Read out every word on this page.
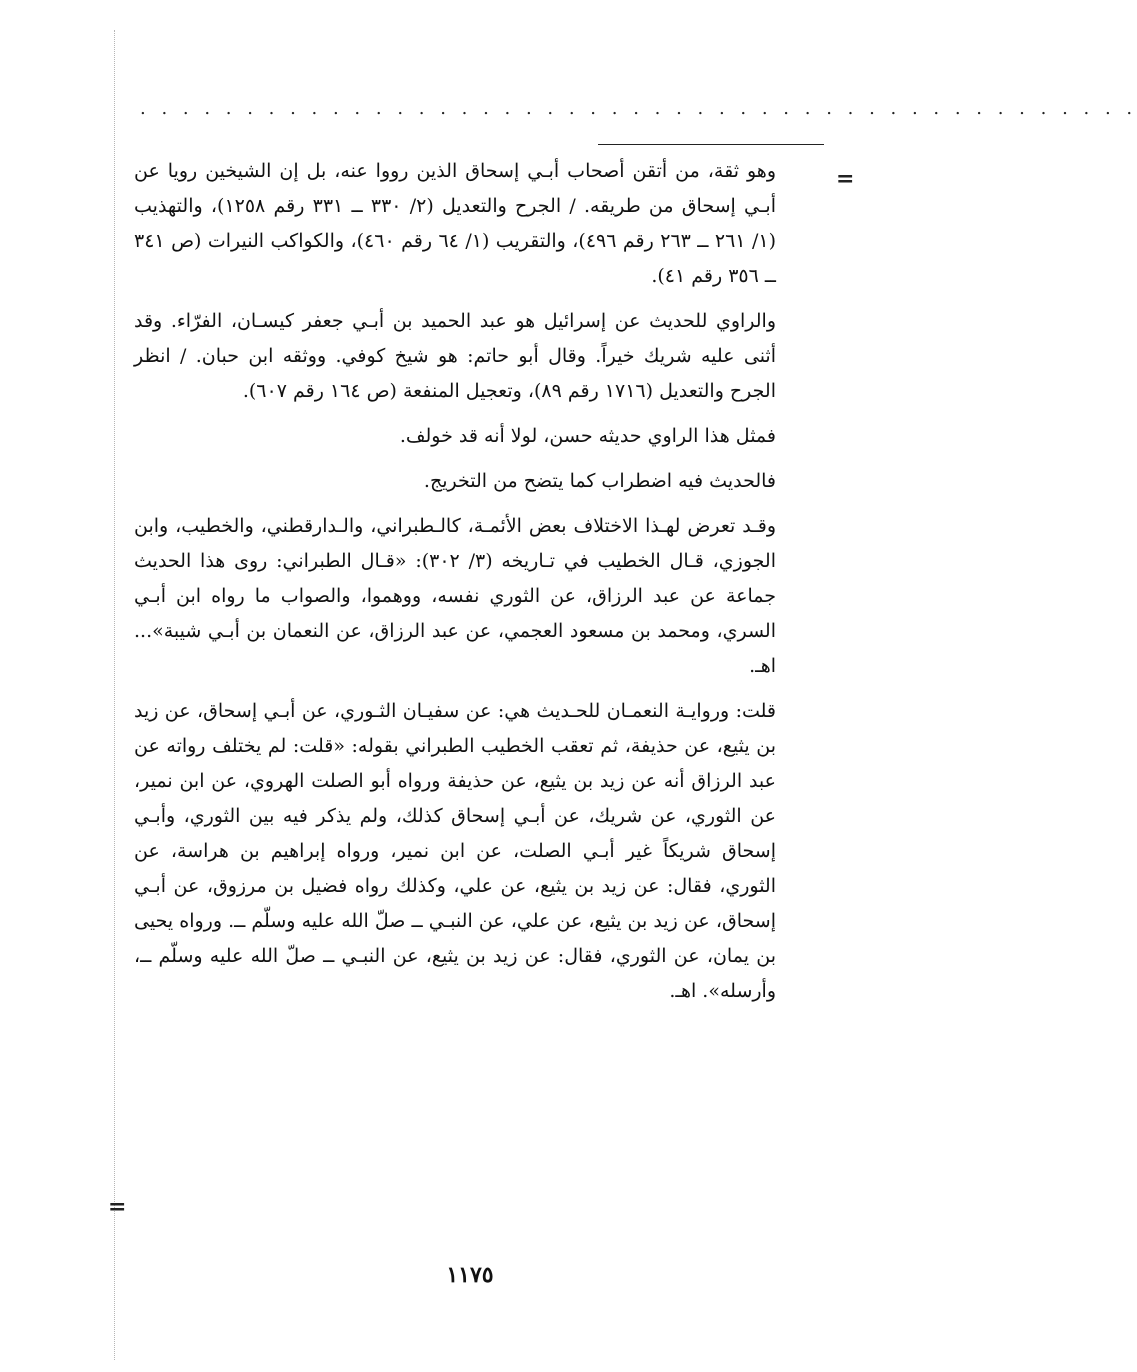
. . . . . . . . . . . . . . . . . . . . . . . . . . . . . . . . . . . . . . . . . . . . . . .
=

وهو ثقة، من أتقن أصحاب أبـي إسحاق الذين رووا عنه، بل إن الشيخين رويا عن أبـي إسحاق من طريقه. / الجرح والتعديل (٢/ ٣٣٠ ــ ٣٣١ رقم ١٢٥٨)، والتهذيب (١/ ٢٦١ ــ ٢٦٣ رقم ٤٩٦)، والتقريب (١/ ٦٤ رقم ٤٦٠)، والكواكب النيرات (ص ٣٤١ ــ ٣٥٦ رقم ٤١).

والراوي للحديث عن إسرائيل هو عبد الحميد بن أبـي جعفر كيسـان، الفرّاء. وقد أثنى عليه شريك خيراً. وقال أبو حاتم: هو شيخ كوفي. ووثقه ابن حبان. / انظر الجرح والتعديل (١٧١٦ رقم ٨٩)، وتعجيل المنفعة (ص ١٦٤ رقم ٦٠٧).

فمثل هذا الراوي حديثه حسن، لولا أنه قد خولف.

فالحديث فيه اضطراب كما يتضح من التخريج.

وقـد تعرض لهـذا الاختلاف بعض الأئمـة، كالـطبراني، والـدارقطني، والخطيب، وابن الجوزي، قـال الخطيب في تـاريخه (٣/ ٣٠٢): «قـال الطبراني: روى هذا الحديث جماعة عن عبد الرزاق، عن الثوري نفسه، ووهموا، والصواب ما رواه ابن أبـي السري، ومحمد بن مسعود العجمي، عن عبد الرزاق، عن النعمان بن أبـي شيبة»... اهـ.

قلت: وروايـة النعمـان للحـديث هي: عن سفيـان الثـوري، عن أبـي إسحاق، عن زيد بن يثيع، عن حذيفة، ثم تعقب الخطيب الطبراني بقوله: «قلت: لم يختلف رواته عن عبد الرزاق أنه عن زيد بن يثيع، عن حذيفة ورواه أبو الصلت الهروي، عن ابن نمير، عن الثوري، عن شريك، عن أبـي إسحاق كذلك، ولم يذكر فيه بين الثوري، وأبـي إسحاق شريكاً غير أبـي الصلت، عن ابن نمير، ورواه إبراهيم بن هراسة، عن الثوري، فقال: عن زيد بن يثيع، عن علي، وكذلك رواه فضيل بن مرزوق، عن أبـي إسحاق، عن زيد بن يثيع، عن علي، عن النبـي ــ صلّ الله عليه وسلّم ــ. ورواه يحيى بن يمان، عن الثوري، فقال: عن زيد بن يثيع، عن النبـي ــ صلّ الله عليه وسلّم ــ، وأرسله». اهـ.

=
١١٧٥
